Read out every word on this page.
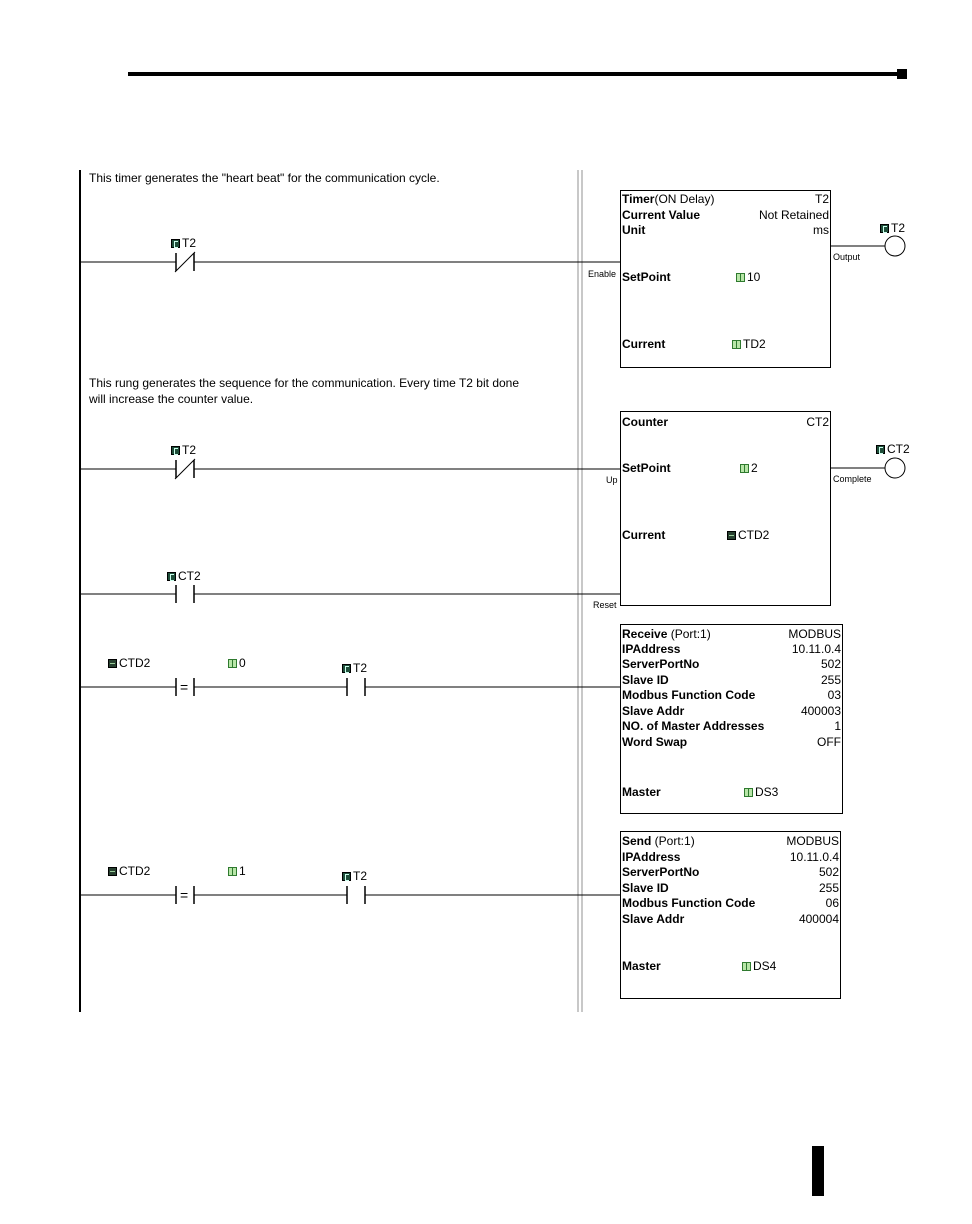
This timer generates the "heart beat" for the communication cycle.
T2
Enable
Timer(ON Delay)	T2
Current Value	Not Retained
Unit	ms
SetPoint	10
Current	TD2
Output
T2
This rung generates the sequence for the communication. Every time T2 bit done
will increase the counter value.
T2
CT2
Up
Reset
Counter	CT2
SetPoint	2
Current	CTD2
Complete
CT2
CTD2	0
=
T2
Receive (Port:1)	MODBUS
IPAddress	10.11.0.4
ServerPortNo	502
Slave ID	255
Modbus Function Code	03
Slave Addr	400003
NO. of Master Addresses	1
Word Swap	OFF
Master	DS3
CTD2	1
=
T2
Send (Port:1)	MODBUS
IPAddress	10.11.0.4
ServerPortNo	502
Slave ID	255
Modbus Function Code	06
Slave Addr	400004
Master	DS4
